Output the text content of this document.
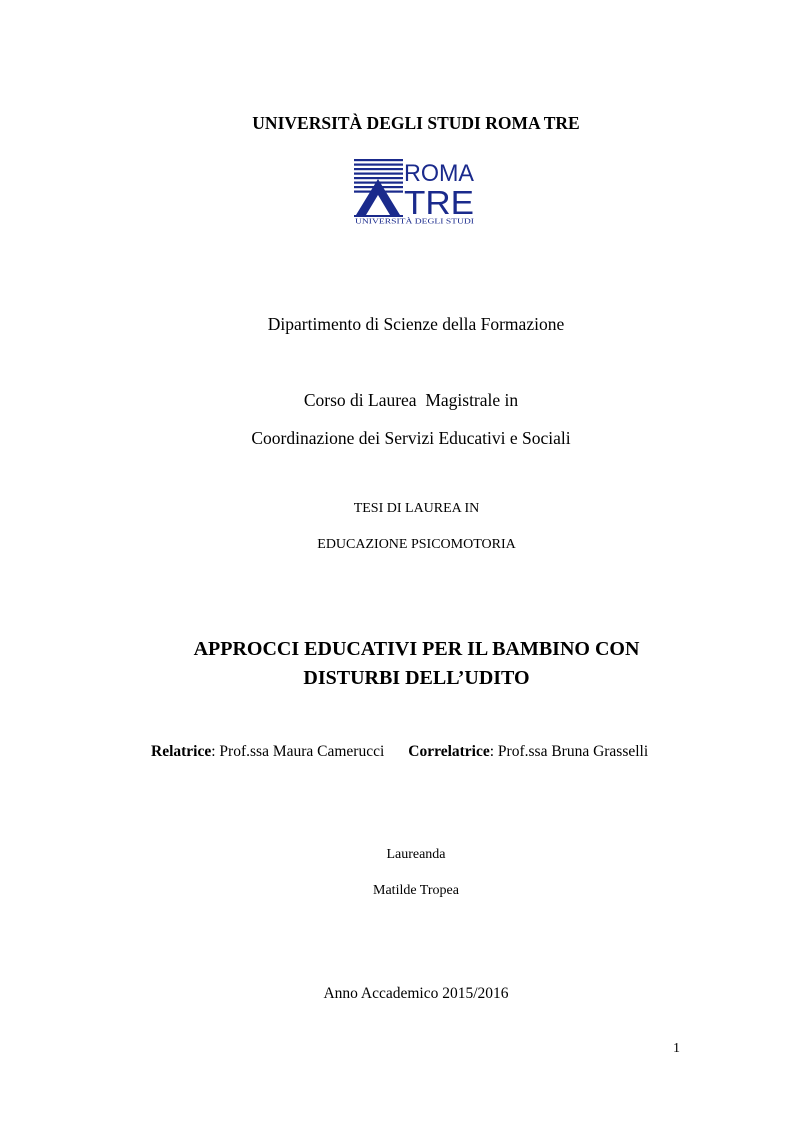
UNIVERSITÀ DEGLI STUDI ROMA TRE
ROMA
TRE
UNIVERSITÀ DEGLI STUDI
Dipartimento di Scienze della Formazione
Corso di Laurea  Magistrale in
Coordinazione dei Servizi Educativi e Sociali
TESI DI LAUREA IN
EDUCAZIONE PSICOMOTORIA
APPROCCI EDUCATIVI PER IL BAMBINO CON
DISTURBI DELL’UDITO
Relatrice: Prof.ssa Maura Camerucci Correlatrice: Prof.ssa Bruna Grasselli
Laureanda
Matilde Tropea
Anno Accademico 2015/2016
1
